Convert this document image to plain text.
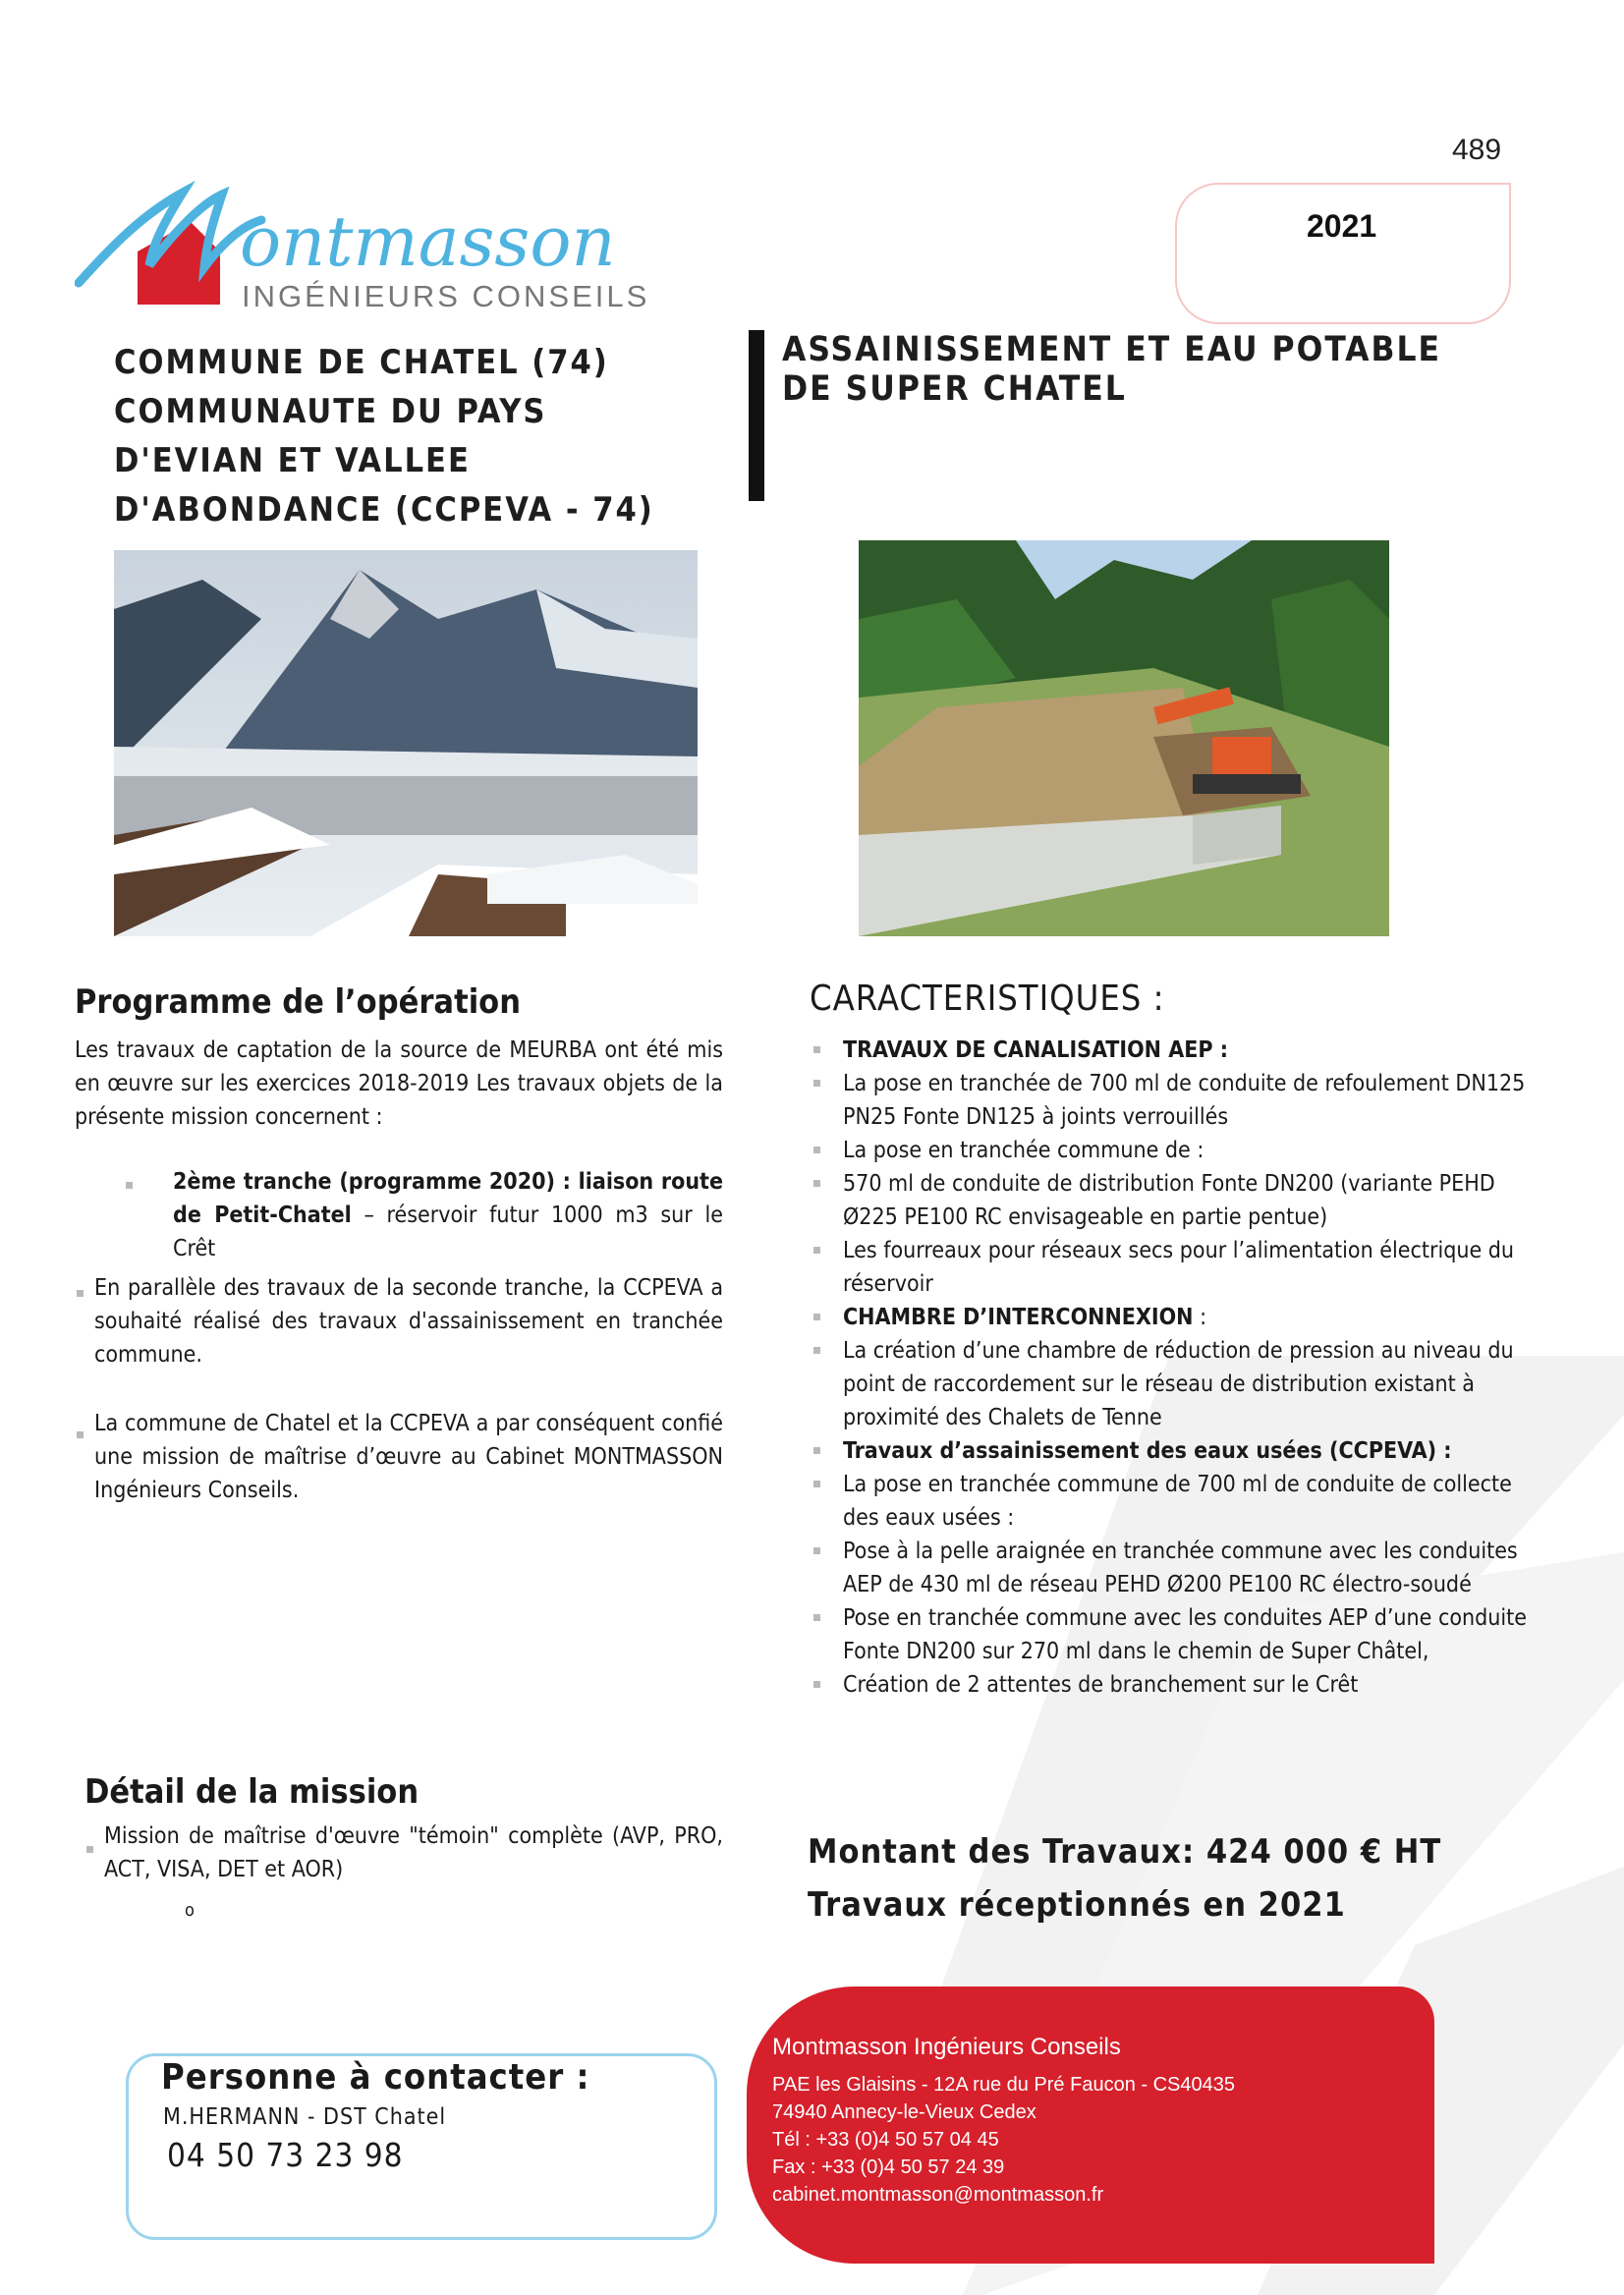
489
2021
ontmasson
INGÉNIEURS CONSEILS
COMMUNE DE CHATEL (74)
COMMUNAUTE DU PAYS
D'EVIAN ET VALLEE
D'ABONDANCE (CCPEVA - 74)
ASSAINISSEMENT ET EAU POTABLE
DE SUPER CHATEL
Programme de l’opération
Les travaux de captation de la source de MEURBA ont été mis en œuvre sur les exercices 2018-2019 Les travaux objets de la présente mission concernent :
2ème tranche (programme 2020) : liaison route de Petit-Chatel – réservoir futur 1000 m3 sur le Crêt
En parallèle des travaux de la seconde tranche, la CCPEVA a souhaité réalisé des travaux d'assainissement en tranchée commune.
La commune de Chatel et la CCPEVA a par conséquent confié une mission de maîtrise d’œuvre au Cabinet MONTMASSON Ingénieurs Conseils.
CARACTERISTIQUES :
TRAVAUX DE CANALISATION AEP :
La pose en tranchée de 700 ml de conduite de refoulement DN125 PN25 Fonte DN125 à joints verrouillés
La pose en tranchée commune de :
570 ml de conduite de distribution Fonte DN200 (variante PEHD Ø225 PE100 RC envisageable en partie pentue)
Les fourreaux pour réseaux secs pour l’alimentation électrique du réservoir
CHAMBRE D’INTERCONNEXION :
La création d’une chambre de réduction de pression au niveau du point de raccordement sur le réseau de distribution existant à proximité des Chalets de Tenne
Travaux d’assainissement des eaux usées (CCPEVA) :
La pose en tranchée commune de 700 ml de conduite de collecte des eaux usées :
Pose à la pelle araignée en tranchée commune avec les conduites AEP de 430 ml de réseau PEHD Ø200 PE100 RC électro-soudé
Pose en tranchée commune avec les conduites AEP d’une conduite Fonte DN200 sur 270 ml dans le chemin de Super Châtel,
Création de 2 attentes de branchement sur le Crêt
Détail de la mission
Mission de maîtrise d'œuvre "témoin" complète (AVP, PRO, ACT, VISA, DET et AOR)
o
Montant des Travaux: 424 000 € HT
Travaux réceptionnés en 2021
Montmasson Ingénieurs Conseils
PAE les Glaisins - 12A rue du Pré Faucon - CS40435
74940 Annecy-le-Vieux Cedex
Tél : +33 (0)4 50 57 04 45
Fax : +33 (0)4 50 57 24 39
cabinet.montmasson@montmasson.fr
Personne à contacter :
M.HERMANN - DST Chatel
04 50 73 23 98
